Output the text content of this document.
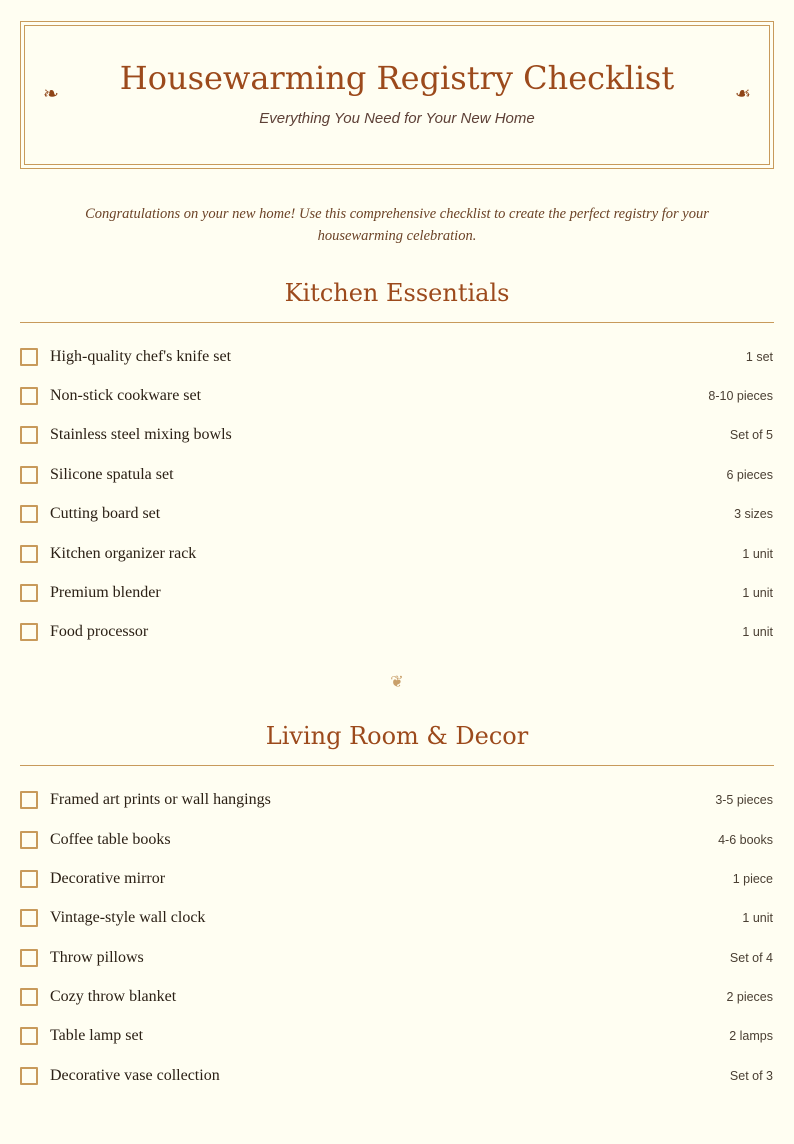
❧	❧
Housewarming Registry Checklist
Everything You Need for Your New Home

Congratulations on your new home! Use this comprehensive checklist to create the perfect registry for your housewarming celebration.

Kitchen Essentials
High-quality chef's knife set	1 set
Non-stick cookware set	8-10 pieces
Stainless steel mixing bowls	Set of 5
Silicone spatula set	6 pieces
Cutting board set	3 sizes
Kitchen organizer rack	1 unit
Premium blender	1 unit
Food processor	1 unit
❦
Living Room & Decor
Framed art prints or wall hangings	3-5 pieces
Coffee table books	4-6 books
Decorative mirror	1 piece
Vintage-style wall clock	1 unit
Throw pillows	Set of 4
Cozy throw blanket	2 pieces
Table lamp set	2 lamps
Decorative vase collection	Set of 3
